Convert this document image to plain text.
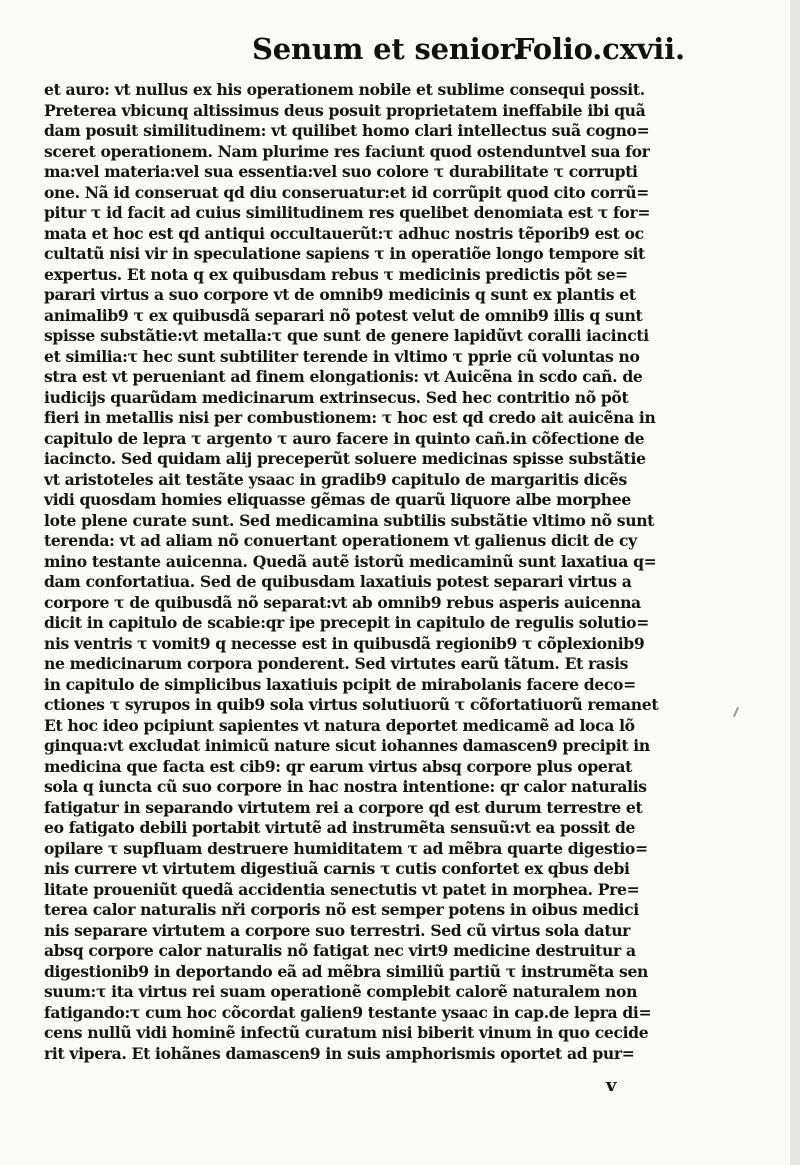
Senum et senior.
Folio.cxvii.
et auro: vt nullus ex his operationem nobile et sublime consequi possit.
Preterea vbicunq altissimus deus posuit proprietatem ineffabile ibi quã
dam posuit similitudinem: vt quilibet homo clari intellectus suã cogno=
sceret operationem. Nam plurime res faciunt quod ostenduntvel sua for
ma:vel materia:vel sua essentia:vel suo colore τ durabilitate τ corrupti
one. Nã id conseruat qd diu conseruatur:et id corrũpit quod cito corrũ=
pitur τ id facit ad cuius similitudinem res quelibet denomiata est τ for=
mata et hoc est qd antiqui occultauerũt:τ adhuc nostris tẽporib9 est oc
cultatũ nisi vir in speculatione sapiens τ in operatiõe longo tempore sit
expertus. Et nota q ex quibusdam rebus τ medicinis predictis põt se=
parari virtus a suo corpore vt de omnib9 medicinis q sunt ex plantis et
animalib9 τ ex quibusdã separari nõ potest velut de omnib9 illis q sunt
spisse substãtie:vt metalla:τ que sunt de genere lapidũvt coralli iacincti
et similia:τ hec sunt subtiliter terende in vltimo τ pprie cũ voluntas no
stra est vt perueniant ad finem elongationis: vt Auicẽna in scdo cañ. de
iudicijs quarũdam medicinarum extrinsecus. Sed hec contritio nõ põt
fieri in metallis nisi per combustionem: τ hoc est qd credo ait auicẽna in
capitulo de lepra τ argento τ auro facere in quinto cañ.in cõfectione de
iacincto. Sed quidam alij preceperũt soluere medicinas spisse substãtie
vt aristoteles ait testãte ysaac in gradib9 capitulo de margaritis dicẽs
vidi quosdam homies eliquasse gẽmas de quarũ liquore albe morphee
lote plene curate sunt. Sed medicamina subtilis substãtie vltimo nõ sunt
terenda: vt ad aliam nõ conuertant operationem vt galienus dicit de cy
mino testante auicenna. Quedã autẽ istorũ medicaminũ sunt laxatiua q=
dam confortatiua. Sed de quibusdam laxatiuis potest separari virtus a
corpore τ de quibusdã nõ separat:vt ab omnib9 rebus asperis auicenna
dicit in capitulo de scabie:qr ipe precepit in capitulo de regulis solutio=
nis ventris τ vomit9 q necesse est in quibusdã regionib9 τ cõplexionib9
ne medicinarum corpora ponderent. Sed virtutes earũ tãtum. Et rasis
in capitulo de simplicibus laxatiuis pcipit de mirabolanis facere deco=
ctiones τ syrupos in quib9 sola virtus solutiuorũ τ cõfortatiuorũ remanet
Et hoc ideo pcipiunt sapientes vt natura deportet medicamẽ ad loca lõ
ginqua:vt excludat inimicũ nature sicut iohannes damascen9 precipit in
medicina que facta est cib9: qr earum virtus absq corpore plus operat
sola q iuncta cũ suo corpore in hac nostra intentione: qr calor naturalis
fatigatur in separando virtutem rei a corpore qd est durum terrestre et
eo fatigato debili portabit virtutẽ ad instrumẽta sensuũ:vt ea possit de
opilare τ supfluam destruere humiditatem τ ad mẽbra quarte digestio=
nis currere vt virtutem digestiuã carnis τ cutis confortet ex qbus debi
litate proueniũt quedã accidentia senectutis vt patet in morphea. Pre=
terea calor naturalis nři corporis nõ est semper potens in oibus medici
nis separare virtutem a corpore suo terrestri. Sed cũ virtus sola datur
absq corpore calor naturalis nõ fatigat nec virt9 medicine destruitur a
digestionib9 in deportando eã ad mẽbra similiũ partiũ τ instrumẽta sen
suum:τ ita virtus rei suam operationẽ complebit calorẽ naturalem non
fatigando:τ cum hoc cõcordat galien9 testante ysaac in cap.de lepra di=
cens nullũ vidi hominẽ infectũ curatum nisi biberit vinum in quo cecide
rit vipera. Et iohãnes damascen9 in suis amphorismis oportet ad pur=
v
